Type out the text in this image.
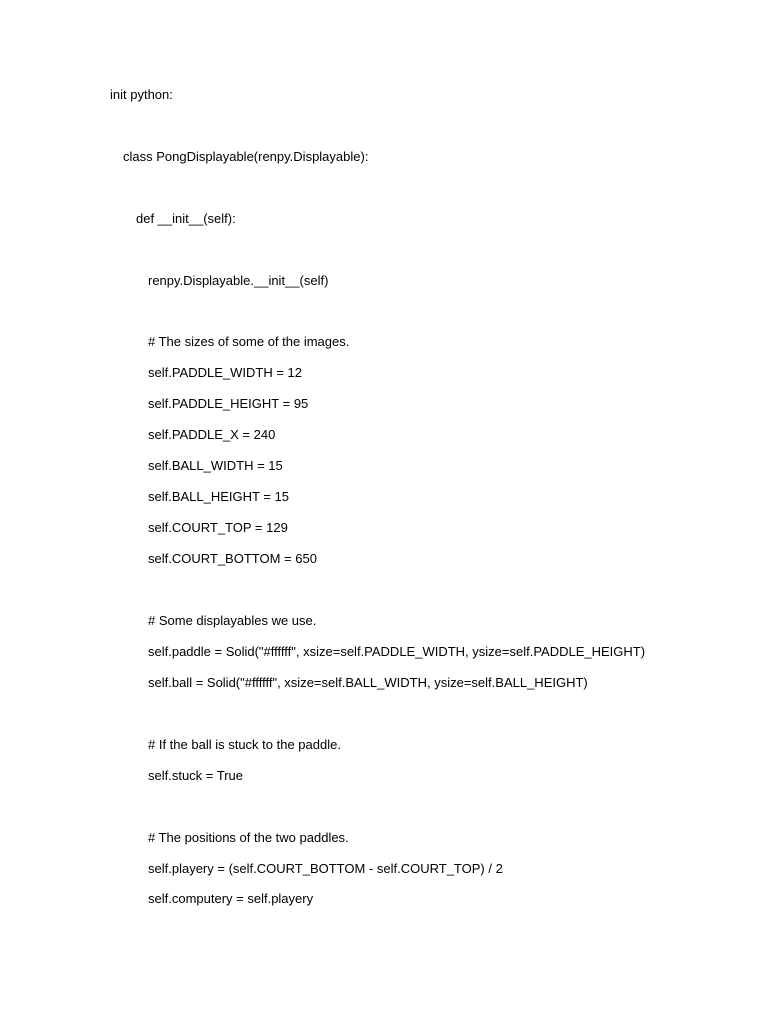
init python:
class PongDisplayable(renpy.Displayable):
def __init__(self):
renpy.Displayable.__init__(self)
# The sizes of some of the images.
self.PADDLE_WIDTH = 12
self.PADDLE_HEIGHT = 95
self.PADDLE_X = 240
self.BALL_WIDTH = 15
self.BALL_HEIGHT = 15
self.COURT_TOP = 129
self.COURT_BOTTOM = 650
# Some displayables we use.
self.paddle = Solid("#ffffff", xsize=self.PADDLE_WIDTH, ysize=self.PADDLE_HEIGHT)
self.ball = Solid("#ffffff", xsize=self.BALL_WIDTH, ysize=self.BALL_HEIGHT)
# If the ball is stuck to the paddle.
self.stuck = True
# The positions of the two paddles.
self.playery = (self.COURT_BOTTOM - self.COURT_TOP) / 2
self.computery = self.playery
